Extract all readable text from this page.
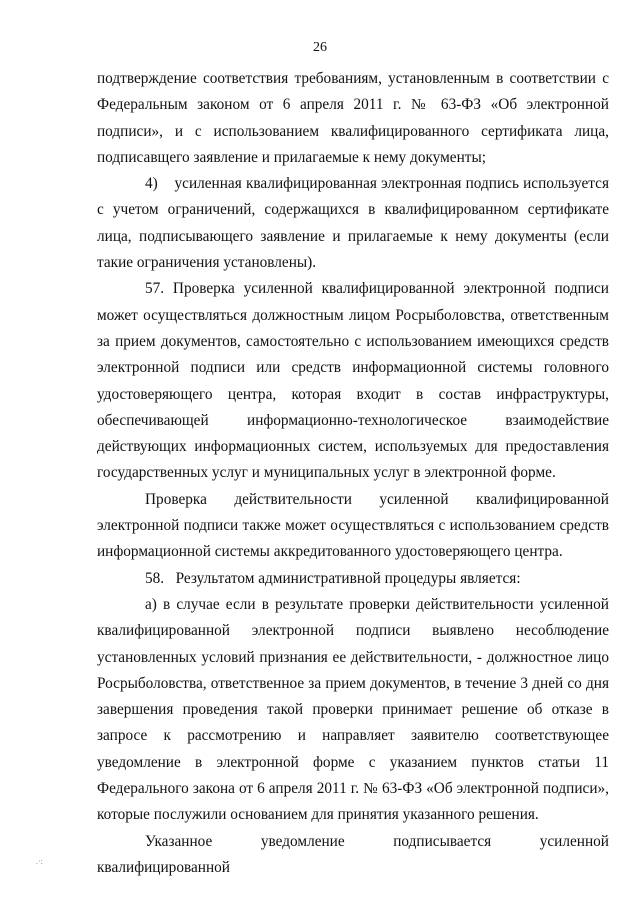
26

подтверждение соответствия требованиям, установленным в соответствии с Федеральным законом от 6 апреля 2011 г. № 63-ФЗ «Об электронной подписи», и с использованием квалифицированного сертификата лица, подписавщего заявление и прилагаемые к нему документы;

4)    усиленная квалифицированная электронная подпись используется с учетом ограничений, содержащихся в квалифицированном сертификате лица, подписывающего заявление и прилагаемые к нему документы (если такие ограничения установлены).

57. Проверка усиленной квалифицированной электронной подписи может осуществляться должностным лицом Росрыболовства, ответственным за прием документов, самостоятельно с использованием имеющихся средств электронной подписи или средств информационной системы головного удостоверяющего центра, которая входит в состав инфраструктуры, обеспечивающей информационно-технологическое взаимодействие действующих информационных систем, используемых для предоставления государственных услуг и муниципальных услуг в электронной форме.

Проверка действительности усиленной квалифицированной электронной подписи также может осуществляться с использованием средств информационной системы аккредитованного удостоверяющего центра.

58.   Результатом административной процедуры является:

а) в случае если в результате проверки действительности усиленной квалифицированной электронной подписи выявлено несоблюдение установленных условий признания ее действительности, - должностное лицо Росрыболовства, ответственное за прием документов, в течение 3 дней со дня завершения проведения такой проверки принимает решение об отказе в запросе к рассмотрению и направляет заявителю соответствующее уведомление в электронной форме с указанием пунктов статьи 11 Федерального закона от 6 апреля 2011 г. № 63-ФЗ «Об электронной подписи», которые послужили основанием для принятия указанного решения.

Указанное уведомление подписывается усиленной квалифицированной

.·:
